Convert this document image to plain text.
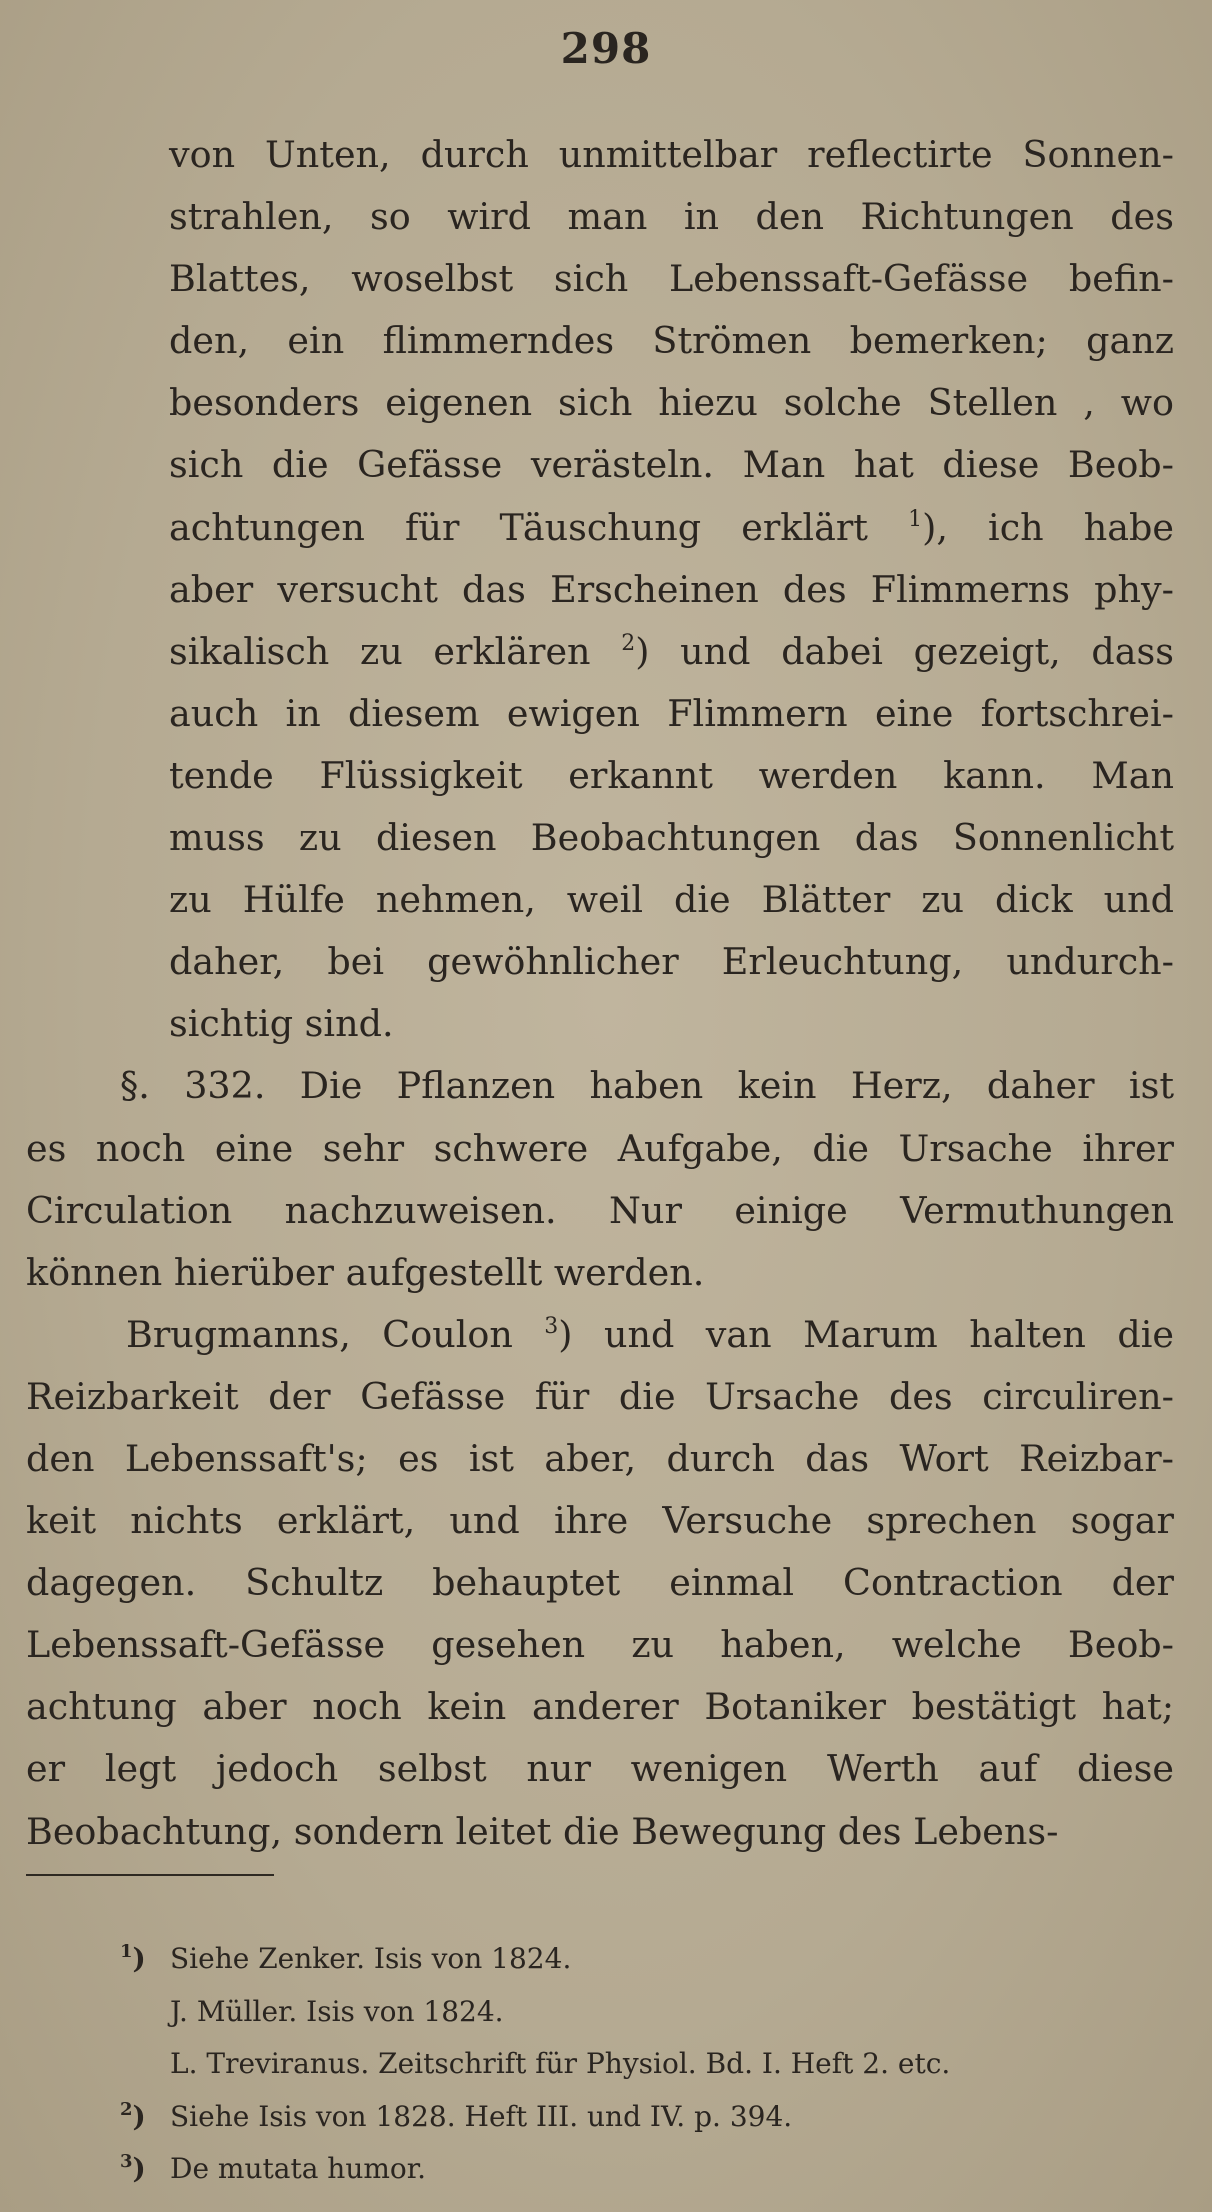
298
von Unten, durch unmittelbar reflectirte Sonnen-
strahlen, so wird man in den Richtungen des
Blattes, woselbst sich Lebenssaft-Gefässe befin-
den, ein flimmerndes Strömen bemerken; ganz
besonders eigenen sich hiezu solche Stellen , wo
sich die Gefässe verästeln. Man hat diese Beob-
achtungen für Täuschung erklärt $^1$), ich habe
aber versucht das Erscheinen des Flimmerns phy-
sikalisch zu erklären $^2$) und dabei gezeigt, dass
auch in diesem ewigen Flimmern eine fortschrei-
tende Flüssigkeit erkannt werden kann. Man
muss zu diesen Beobachtungen das Sonnenlicht
zu Hülfe nehmen, weil die Blätter zu dick und
daher, bei gewöhnlicher Erleuchtung, undurch-
sichtig sind.
§. 332. Die Pflanzen haben kein Herz, daher ist
es noch eine sehr schwere Aufgabe, die Ursache ihrer
Circulation nachzuweisen. Nur einige Vermuthungen
können hierüber aufgestellt werden.
Brugmanns, Coulon $^3$) und van Marum halten die
Reizbarkeit der Gefässe für die Ursache des circuliren-
den Lebenssaft's; es ist aber, durch das Wort Reizbar-
keit nichts erklärt, und ihre Versuche sprechen sogar
dagegen. Schultz behauptet einmal Contraction der
Lebenssaft-Gefässe gesehen zu haben, welche Beob-
achtung aber noch kein anderer Botaniker bestätigt hat;
er legt jedoch selbst nur wenigen Werth auf diese
Beobachtung, sondern leitet die Bewegung des Lebens-
$^1$) Siehe Zenker. Isis von 1824.
J. Müller. Isis von 1824.
L. Treviranus. Zeitschrift für Physiol. Bd. I. Heft 2. etc.
$^2$) Siehe Isis von 1828. Heft III. und IV. p. 394.
$^3$) De mutata humor.
